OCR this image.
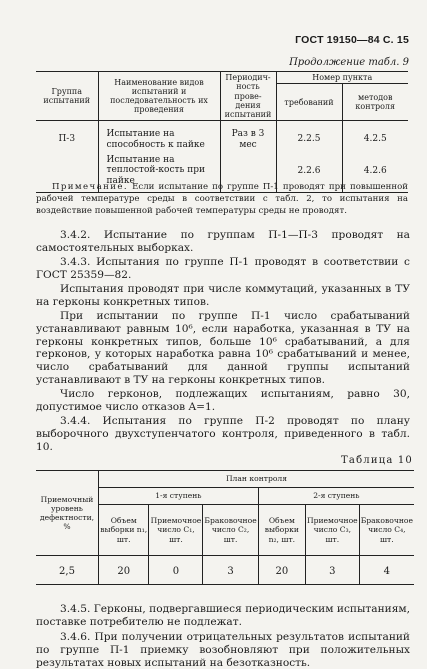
ГОСТ 19150—84 С. 15
Продолжение табл. 9
Группа испытаний	Наименование видов испытаний и последовательность их проведения	Периодич-ность прове-дения испытаний	Номер пункта	
			требований	методов контроля
П-3	Испытание на способность к пайке	Раз в 3 мес	2.2.5	4.2.5
	Испытание на теплостой-кость при пайке		2.2.6	4.2.6
Примечание. Если испытание по группе П-1 проводят при повышенной рабочей температуре среды в соответствии с табл. 2, то испытания на воздействие повышенной рабочей температуры среды не проводят.
3.4.2. Испытание по группам П-1—П-3 проводят на самостоятельных выборках.
3.4.3. Испытания по группе П-1 проводят в соответствии с ГОСТ 25359—82.
Испытания проводят при числе коммутаций, указанных в ТУ на герконы конкретных типов.
При испытании по группе П-1 число срабатываний устанавливают равным 10⁶, если наработка, указанная в ТУ на герконы конкретных типов, больше 10⁶ срабатываний, а для герконов, у которых наработка равна 10⁶ срабатываний и менее, число срабатываний для данной группы испытаний устанавливают в ТУ на герконы конкретных типов.
Таблица 10
Приемочный уровень дефектности, %	План контроля					
	1-я ступень			2-я ступень		
	Объем выборки n₁, шт.	Приемочное число C₁, шт.	Браковочное число C₂, шт.	Объем выборки n₂, шт.	Приемочное число C₃, шт.	Браковочное число C₄, шт.
2,5	20	0	3	20	3	4
3.4.5. Герконы, подвергавшиеся периодическим испытаниям, поставке потребителю не подлежат.
3.4.6. При получении отрицательных результатов испытаний по группе П-1 приемку возобновляют при положительных результатах новых испытаний на безотказность.
Число герконов, подлежащих испытаниям, равно 30, допустимое число отказов A=1.
3.4.4. Испытания по группе П-2 проводят по плану выборочного двухступенчатого контроля, приведенного в табл. 10.
